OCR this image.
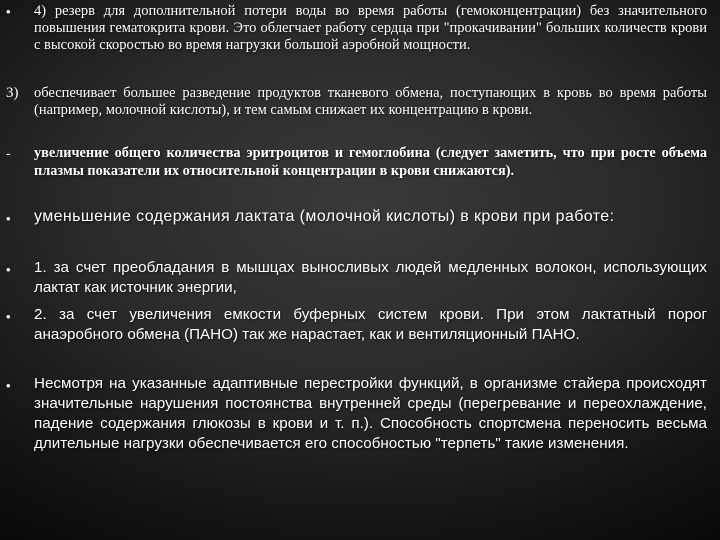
• 4) резерв для дополнительной потери воды во время работы (гемоконцентрации) без значительного повышения гематокрита крови. Это облегчает работу сердца при "прокачивании" больших количеств крови с высокой скоростью во время нагрузки большой аэробной мощности.
3) обеспечивает большее разведение продуктов тканевого обмена, поступающих в кровь во время работы (например, молочной кислоты), и тем самым снижает их концентрацию в крови.
- увеличение общего количества эритроцитов и гемоглобина (следует заметить, что при росте объема плазмы показатели их относительной концентрации в крови снижаются).
• уменьшение содержания лактата (молочной кислоты) в крови при работе:
• 1. за счет преобладания в мышцах выносливых людей медленных волокон, использующих лактат как источник энергии,
• 2. за счет увеличения емкости буферных систем крови. При этом лактатный порог анаэробного обмена (ПАНО) так же нарастает, как и вентиляционный ПАНО.
• Несмотря на указанные адаптивные перестройки функций, в организме стайера происходят значительные нарушения постоянства внутренней среды (перегревание и переохлаждение, падение содержания глюкозы в крови и т. п.). Способность спортсмена переносить весьма длительные нагрузки обеспечивается его способностью "терпеть" такие изменения.
